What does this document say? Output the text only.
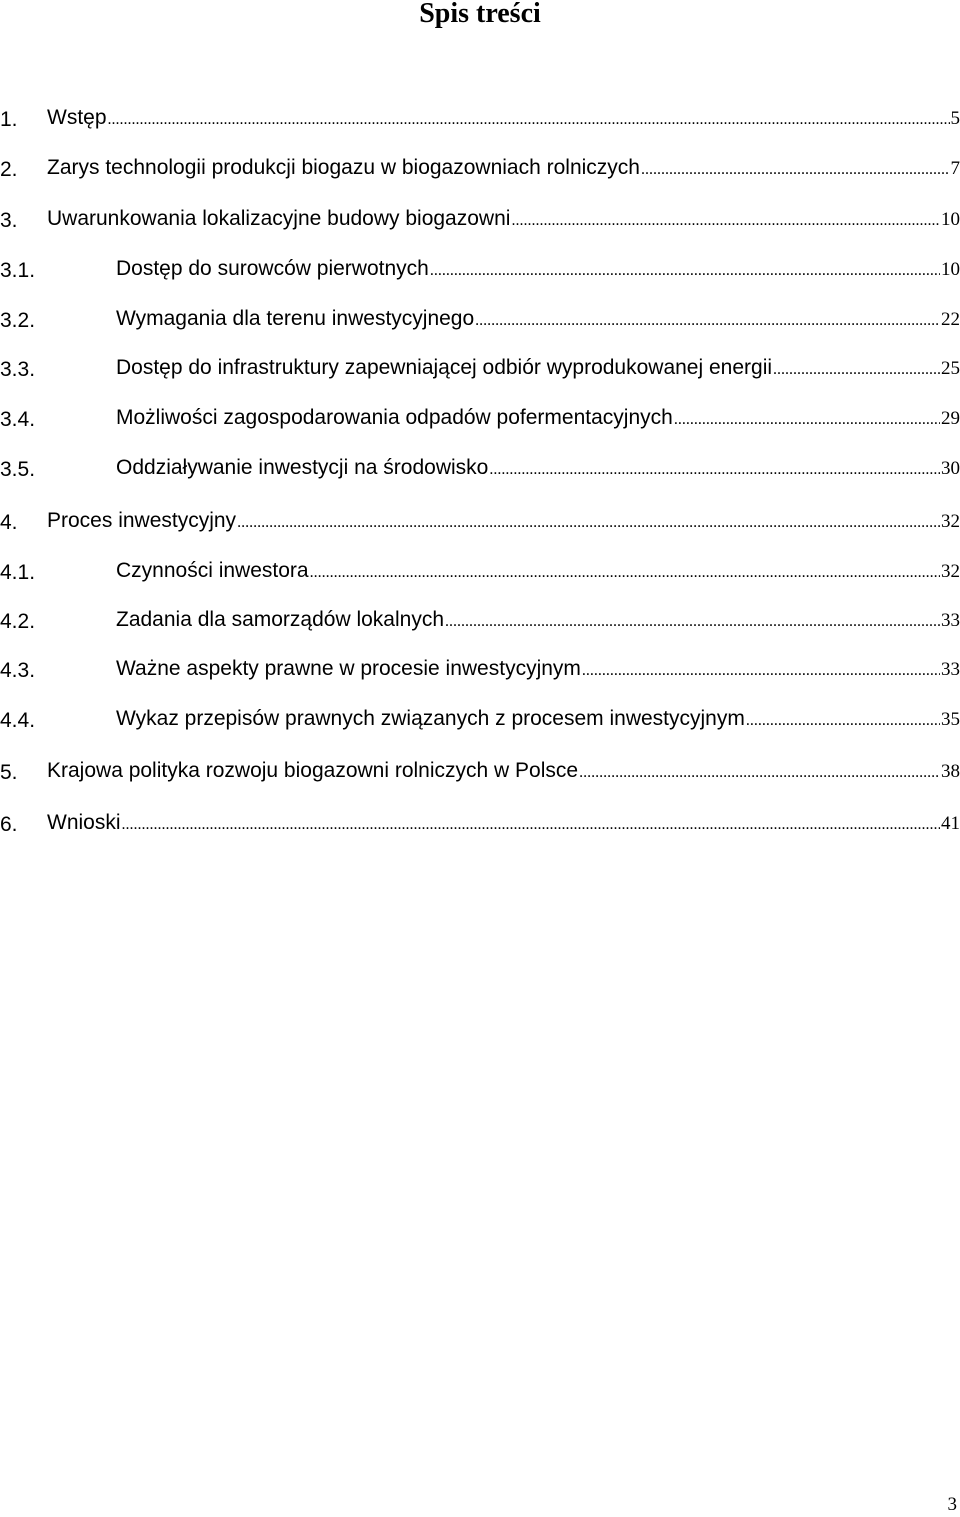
Spis treści
1. Wstęp .....	5
2. Zarys technologii produkcji biogazu w biogazowniach rolniczych .....	7
3. Uwarunkowania lokalizacyjne budowy biogazowni .....	10
3.1.	Dostęp do surowców pierwotnych .....	10
3.2.	Wymagania dla terenu inwestycyjnego .....	22
3.3.	Dostęp do infrastruktury zapewniającej odbiór wyprodukowanej energii .....	25
3.4.	Możliwości zagospodarowania odpadów pofermentacyjnych .....	29
3.5.	Oddziaływanie inwestycji na środowisko .....	30
4. Proces inwestycyjny .....	32
4.1.	Czynności inwestora .....	32
4.2.	Zadania dla samorządów lokalnych .....	33
4.3.	Ważne aspekty prawne w procesie inwestycyjnym .....	33
4.4.	Wykaz przepisów prawnych związanych z procesem inwestycyjnym .....	35
5. Krajowa polityka rozwoju biogazowni rolniczych w Polsce .....	38
6. Wnioski .....	41
3
